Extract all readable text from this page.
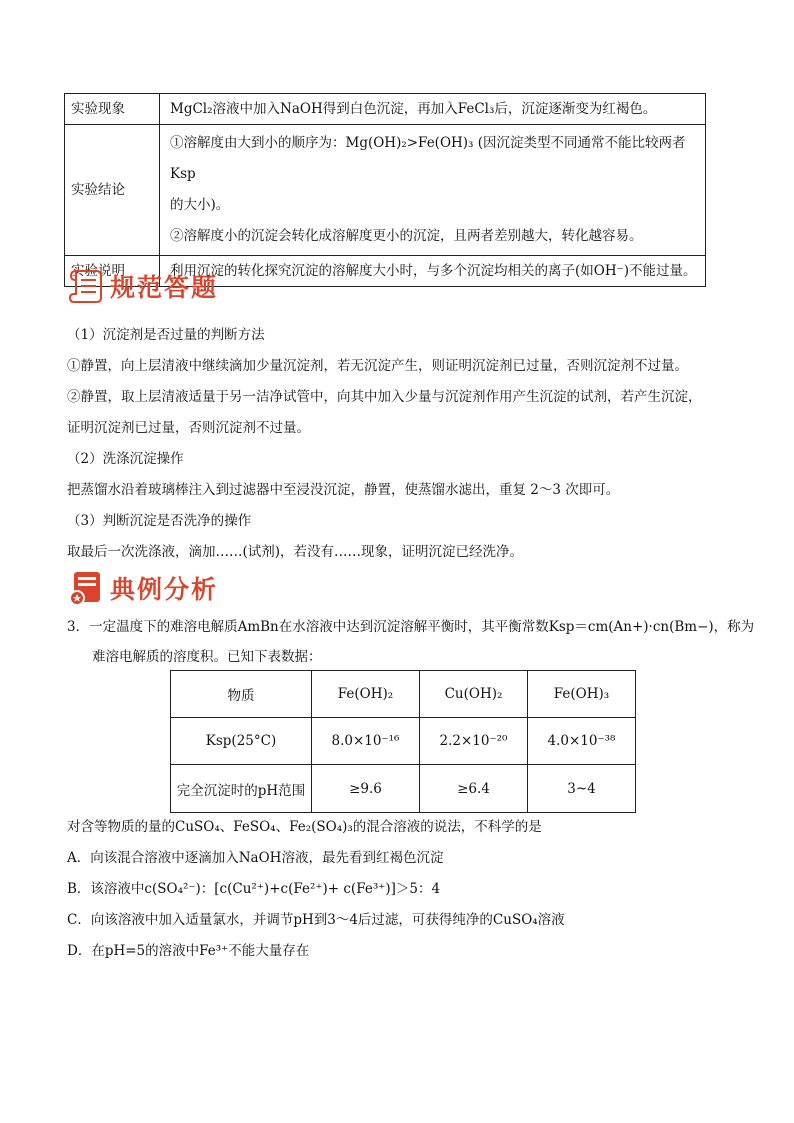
实验现象	MgCl₂溶液中加入NaOH得到白色沉淀，再加入FeCl₃后，沉淀逐渐变为红褐色。
实验结论	①溶解度由大到小的顺序为：Mg(OH)₂>Fe(OH)₃ (因沉淀类型不同通常不能比较两者Ksp
的大小)。
②溶解度小的沉淀会转化成溶解度更小的沉淀，且两者差别越大，转化越容易。

实验说明	利用沉淀的转化探究沉淀的溶解度大小时，与多个沉淀均相关的离子(如OH⁻)不能过量。
规范答题
（1）沉淀剂是否过量的判断方法
①静置，向上层清液中继续滴加少量沉淀剂，若无沉淀产生，则证明沉淀剂已过量，否则沉淀剂不过量。
②静置，取上层清液适量于另一洁净试管中，向其中加入少量与沉淀剂作用产生沉淀的试剂，若产生沉淀，
证明沉淀剂已过量，否则沉淀剂不过量。
（2）洗涤沉淀操作
把蒸馏水沿着玻璃棒注入到过滤器中至浸没沉淀，静置，使蒸馏水滤出，重复 2～3 次即可。
（3）判断沉淀是否洗净的操作
取最后一次洗涤液，滴加……(试剂)，若没有……现象，证明沉淀已经洗净。
典例分析
3．一定温度下的难溶电解质AmBn在水溶液中达到沉淀溶解平衡时，其平衡常数Ksp＝cm(An+)·cn(Bm−)，称为
难溶电解质的溶度积。已知下表数据：
物质	Fe(OH)₂	Cu(OH)₂	Fe(OH)₃
Ksp(25°C)	8.0×10⁻¹⁶	2.2×10⁻²⁰	4.0×10⁻³⁸
完全沉淀时的pH范围	≥9.6	≥6.4	3~4
对含等物质的量的CuSO₄、FeSO₄、Fe₂(SO₄)₃的混合溶液的说法，不科学的是
A．向该混合溶液中逐滴加入NaOH溶液，最先看到红褐色沉淀
B．该溶液中c(SO₄²⁻)：[c(Cu²⁺)+c(Fe²⁺)+ c(Fe³⁺)]＞5：4
C．向该溶液中加入适量氯水，并调节pH到3～4后过滤，可获得纯净的CuSO₄溶液
D．在pH=5的溶液中Fe³⁺不能大量存在
